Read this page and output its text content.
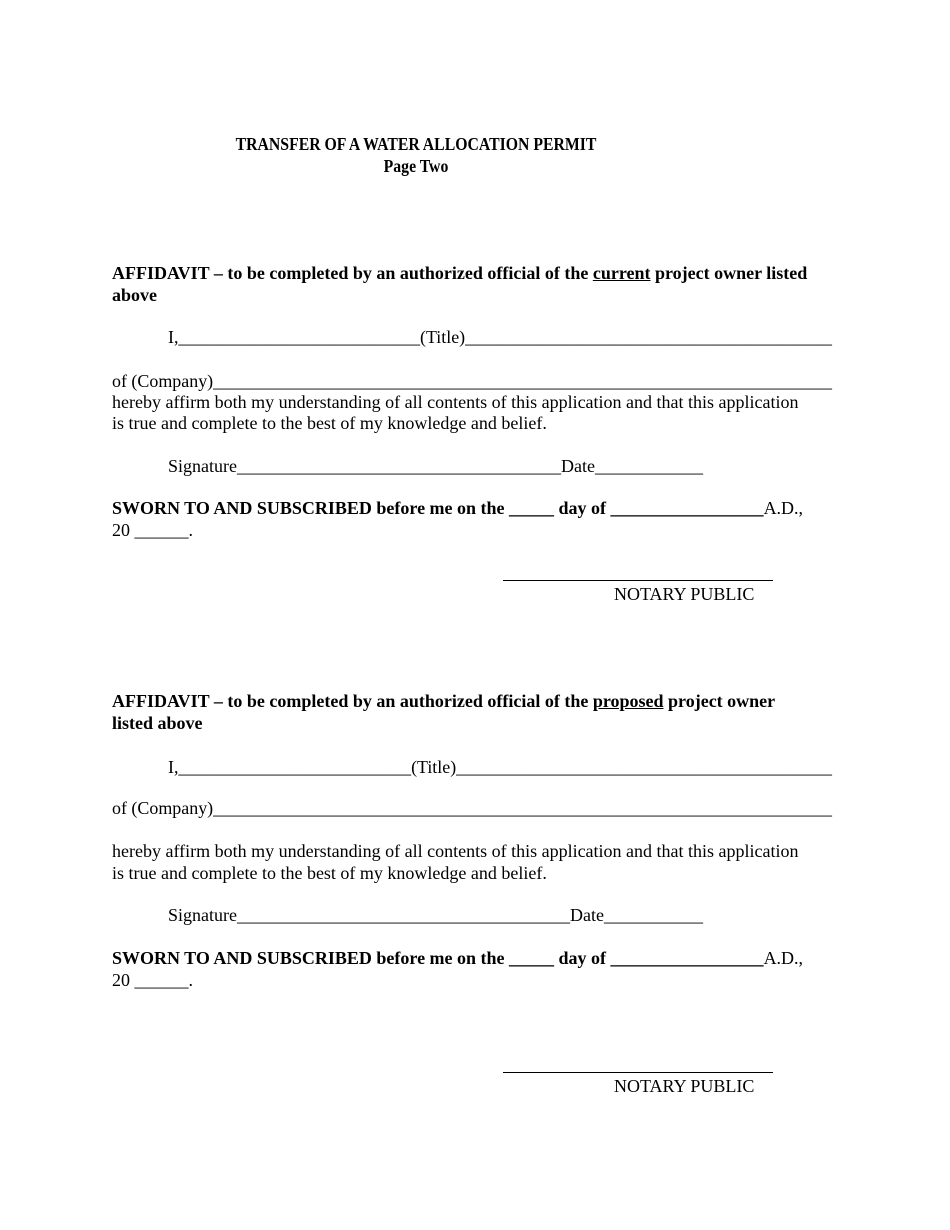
TRANSFER OF A WATER ALLOCATION PERMIT
Page Two
AFFIDAVIT – to be completed by an authorized official of the current project owner listed
above
I,___________________________(Title)_________________________________________
of (Company)_____________________________________________________________________
hereby affirm both my understanding of all contents of this application and that this application
is true and complete to the best of my knowledge and belief.
Signature____________________________________Date____________
SWORN TO AND SUBSCRIBED before me on the _____ day of _________________A.D.,
20 ______.
NOTARY PUBLIC
AFFIDAVIT – to be completed by an authorized official of the proposed project owner
listed above
I,__________________________(Title)__________________________________________
of (Company)_____________________________________________________________________
hereby affirm both my understanding of all contents of this application and that this application
is true and complete to the best of my knowledge and belief.
Signature_____________________________________Date___________
SWORN TO AND SUBSCRIBED before me on the _____ day of _________________A.D.,
20 ______.
NOTARY PUBLIC
